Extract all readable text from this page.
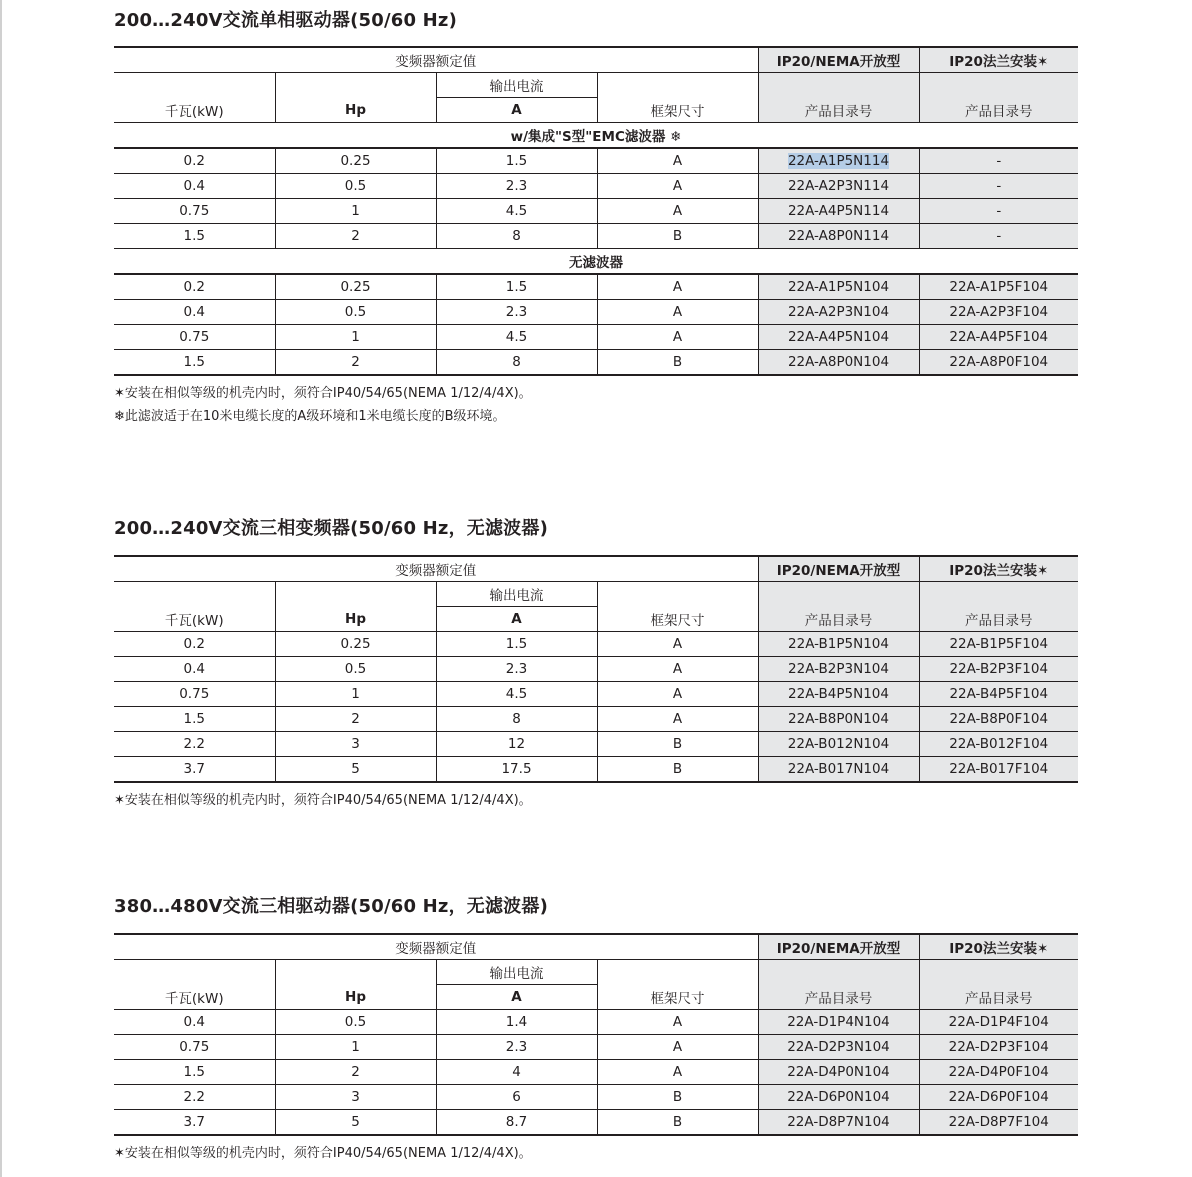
200…240V交流单相驱动器(50/60 Hz)
变频器额定值				IP20/NEMA开放型	IP20法兰安装✶
		输出电流			
千瓦(kW)	Hp	A	框架尺寸	产品目录号	产品目录号
w/集成"S型"EMC滤波器 ❄					
0.2	0.25	1.5	A	22A-A1P5N114	-
0.4	0.5	2.3	A	22A-A2P3N114	-
0.75	1	4.5	A	22A-A4P5N114	-
1.5	2	8	B	22A-A8P0N114	-
无滤波器					
0.2	0.25	1.5	A	22A-A1P5N104	22A-A1P5F104
0.4	0.5	2.3	A	22A-A2P3N104	22A-A2P3F104
0.75	1	4.5	A	22A-A4P5N104	22A-A4P5F104
1.5	2	8	B	22A-A8P0N104	22A-A8P0F104
✶安装在相似等级的机壳内时，须符合IP40/54/65(NEMA 1/12/4/4X)。
❄此滤波适于在10米电缆长度的A级环境和1米电缆长度的B级环境。
200…240V交流三相变频器(50/60 Hz，无滤波器)
变频器额定值				IP20/NEMA开放型	IP20法兰安装✶
		输出电流			
千瓦(kW)	Hp	A	框架尺寸	产品目录号	产品目录号
0.2	0.25	1.5	A	22A-B1P5N104	22A-B1P5F104
0.4	0.5	2.3	A	22A-B2P3N104	22A-B2P3F104
0.75	1	4.5	A	22A-B4P5N104	22A-B4P5F104
1.5	2	8	A	22A-B8P0N104	22A-B8P0F104
2.2	3	12	B	22A-B012N104	22A-B012F104
3.7	5	17.5	B	22A-B017N104	22A-B017F104
✶安装在相似等级的机壳内时，须符合IP40/54/65(NEMA 1/12/4/4X)。
380…480V交流三相驱动器(50/60 Hz，无滤波器)
变频器额定值				IP20/NEMA开放型	IP20法兰安装✶
		输出电流			
千瓦(kW)	Hp	A	框架尺寸	产品目录号	产品目录号
0.4	0.5	1.4	A	22A-D1P4N104	22A-D1P4F104
0.75	1	2.3	A	22A-D2P3N104	22A-D2P3F104
1.5	2	4	A	22A-D4P0N104	22A-D4P0F104
2.2	3	6	B	22A-D6P0N104	22A-D6P0F104
3.7	5	8.7	B	22A-D8P7N104	22A-D8P7F104
✶安装在相似等级的机壳内时，须符合IP40/54/65(NEMA 1/12/4/4X)。
